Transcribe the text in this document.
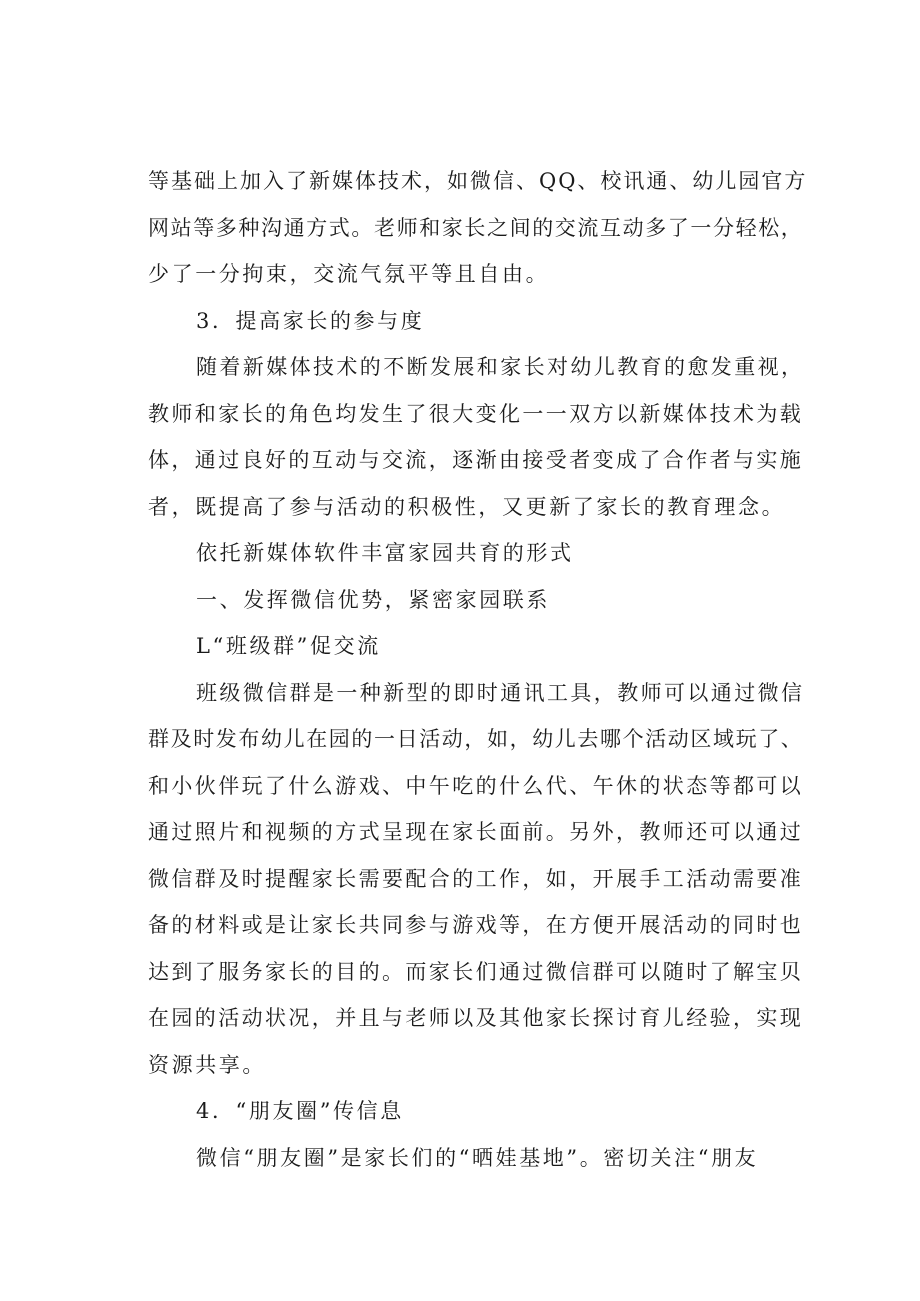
等基础上加入了新媒体技术，如微信、QQ、校讯通、幼儿园官方
网站等多种沟通方式。老师和家长之间的交流互动多了一分轻松，
少了一分拘束，交流气氛平等且自由。
3．提高家长的参与度
随着新媒体技术的不断发展和家长对幼儿教育的愈发重视，
教师和家长的角色均发生了很大变化一一双方以新媒体技术为载
体，通过良好的互动与交流，逐渐由接受者变成了合作者与实施
者，既提高了参与活动的积极性，又更新了家长的教育理念。
依托新媒体软件丰富家园共育的形式
一、发挥微信优势，紧密家园联系
L“班级群”促交流
班级微信群是一种新型的即时通讯工具，教师可以通过微信
群及时发布幼儿在园的一日活动，如，幼儿去哪个活动区域玩了、
和小伙伴玩了什么游戏、中午吃的什么代、午休的状态等都可以
通过照片和视频的方式呈现在家长面前。另外，教师还可以通过
微信群及时提醒家长需要配合的工作，如，开展手工活动需要准
备的材料或是让家长共同参与游戏等，在方便开展活动的同时也
达到了服务家长的目的。而家长们通过微信群可以随时了解宝贝
在园的活动状况，并且与老师以及其他家长探讨育儿经验，实现
资源共享。
4．“朋友圈”传信息
微信“朋友圈”是家长们的“晒娃基地”。密切关注“朋友
